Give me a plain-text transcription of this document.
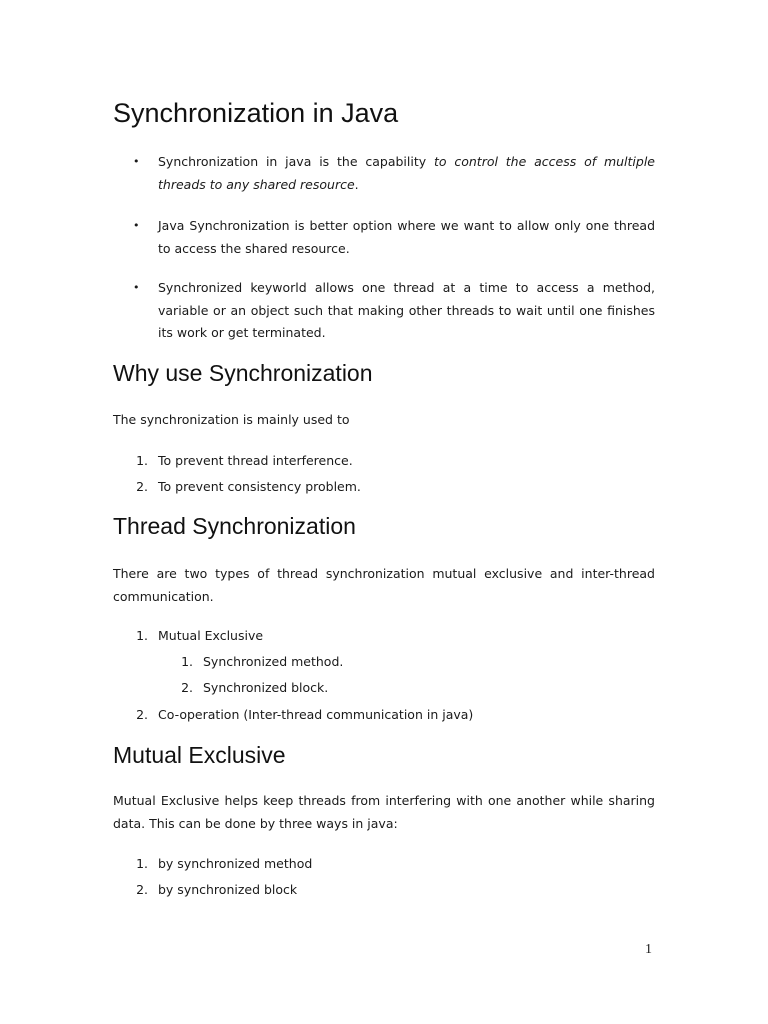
Synchronization in Java
•

Synchronization in java is the capability to control the access of multiple threads to any shared resource.

•

Java Synchronization is better option where we want to allow only one thread to access the shared resource.

•

Synchronized keyworld allows one thread at a time to access a method, variable or an object such that making other threads to wait until one finishes its work or get terminated.

Why use Synchronization

The synchronization is mainly used to

1. To prevent thread interference.

2. To prevent consistency problem.

Thread Synchronization

There are two types of thread synchronization mutual exclusive and inter-thread communication.

1. Mutual Exclusive

1. Synchronized method.

2. Synchronized block.

2. Co-operation (Inter-thread communication in java)

Mutual Exclusive

Mutual Exclusive helps keep threads from interfering with one another while sharing data. This can be done by three ways in java:

1. by synchronized method

2. by synchronized block

1
